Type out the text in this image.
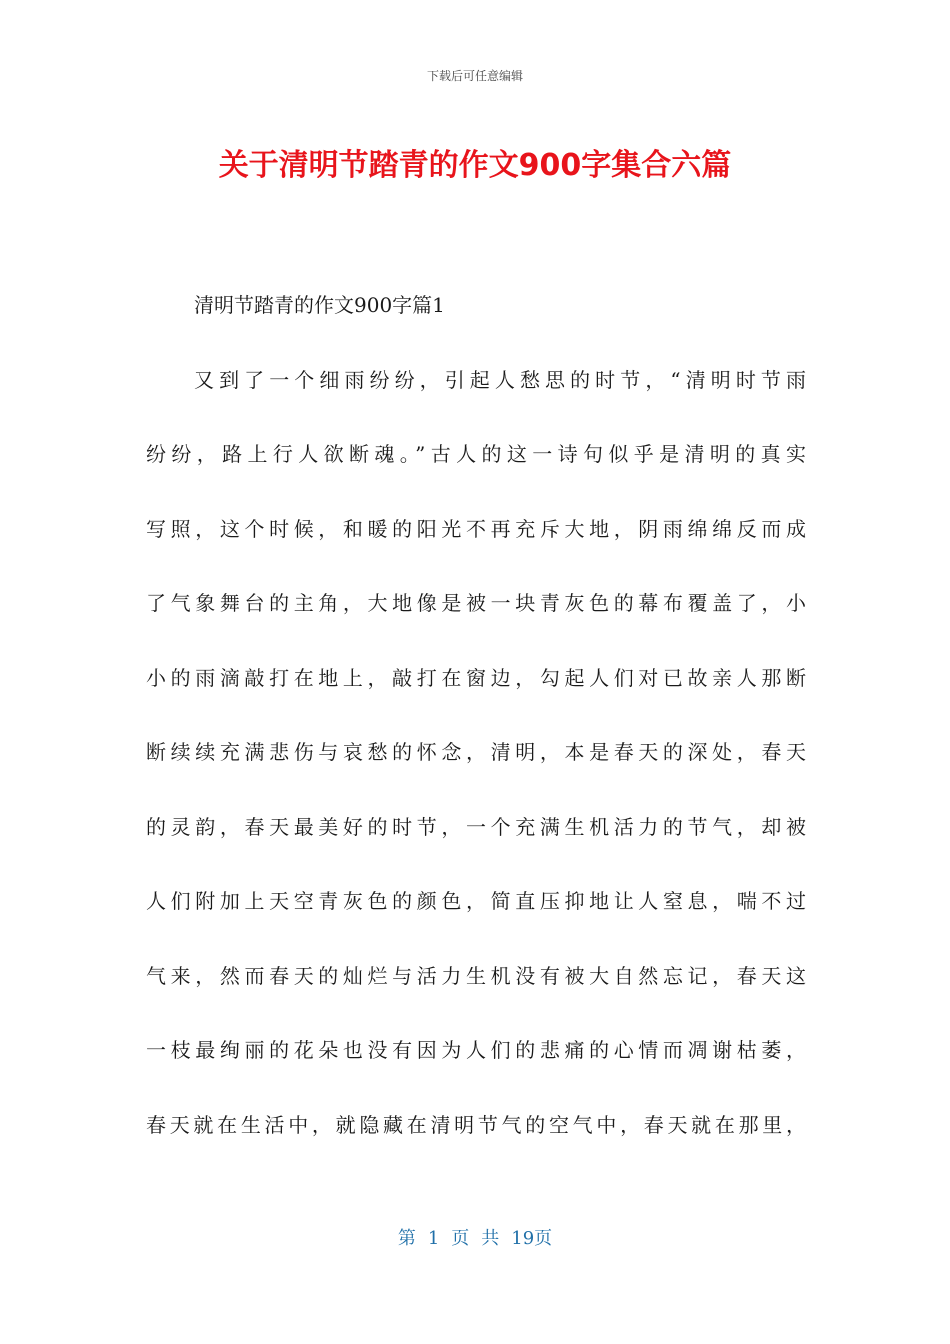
下载后可任意编辑
关于清明节踏青的作文900字集合六篇
清明节踏青的作文900字篇1
又到了一个细雨纷纷，引起人愁思的时节，“清明时节雨
纷纷，路上行人欲断魂。”古人的这一诗句似乎是清明的真实
写照，这个时候，和暖的阳光不再充斥大地，阴雨绵绵反而成
了气象舞台的主角，大地像是被一块青灰色的幕布覆盖了，小
小的雨滴敲打在地上，敲打在窗边，勾起人们对已故亲人那断
断续续充满悲伤与哀愁的怀念，清明，本是春天的深处，春天
的灵韵，春天最美好的时节，一个充满生机活力的节气，却被
人们附加上天空青灰色的颜色，简直压抑地让人窒息，喘不过
气来，然而春天的灿烂与活力生机没有被大自然忘记，春天这
一枝最绚丽的花朵也没有因为人们的悲痛的心情而凋谢枯萎，
春天就在生活中，就隐藏在清明节气的空气中，春天就在那里，
第 1 页 共 19页
